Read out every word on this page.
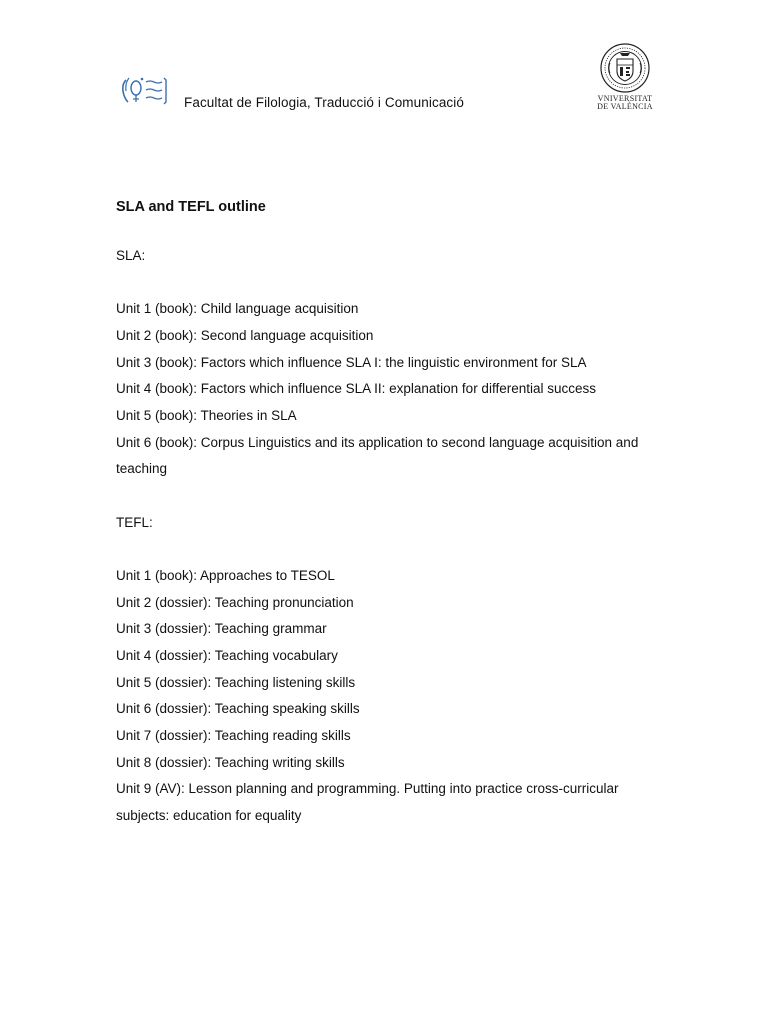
Facultat de Filologia, Traducció i Comunicació	VNIVERSITAT
DE VALÈNCIA
SLA and TEFL outline
SLA:
Unit 1 (book): Child language acquisition
Unit 2 (book): Second language acquisition
Unit 3 (book): Factors which influence SLA I: the linguistic environment for SLA
Unit 4 (book): Factors which influence SLA II: explanation for differential success
Unit 5 (book): Theories in SLA
Unit 6 (book): Corpus Linguistics and its application to second language acquisition and teaching
TEFL:
Unit 1 (book): Approaches to TESOL
Unit 2 (dossier): Teaching pronunciation
Unit 3 (dossier): Teaching grammar
Unit 4 (dossier): Teaching vocabulary
Unit 5 (dossier): Teaching listening skills
Unit 6 (dossier): Teaching speaking skills
Unit 7 (dossier): Teaching reading skills
Unit 8 (dossier): Teaching writing skills
Unit 9 (AV): Lesson planning and programming. Putting into practice cross-curricular subjects: education for equality
